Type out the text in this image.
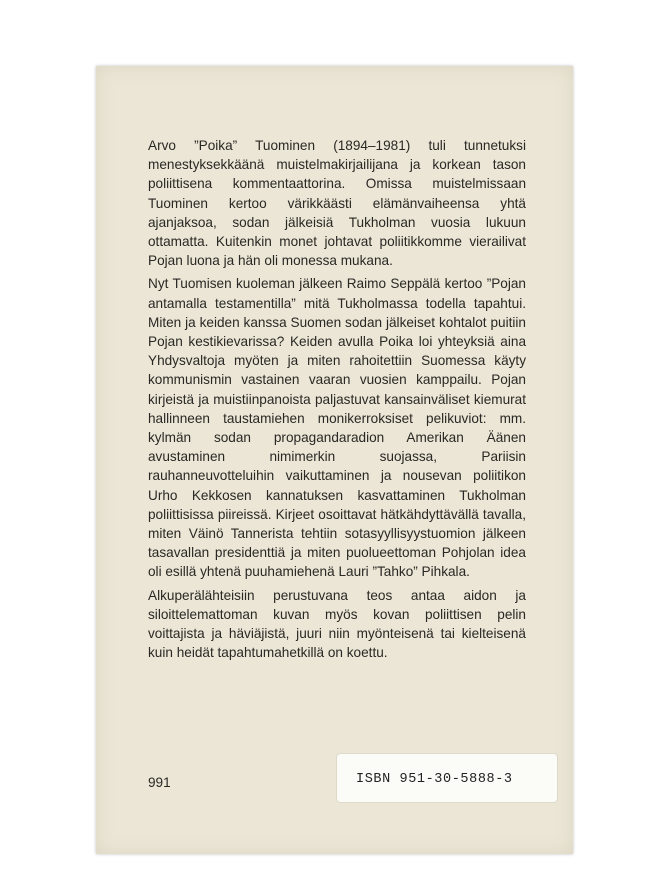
Arvo ”Poika” Tuominen (1894–1981) tuli tunnetuksi menestyksekkäänä muistelmakirjailijana ja korkean tason poliittisena kommentaattorina. Omissa muistelmissaan Tuominen kertoo värikkäästi elämänvaiheensa yhtä ajanjaksoa, sodan jälkeisiä Tukholman vuosia lukuun ottamatta. Kuitenkin monet johtavat poliitikkomme vierailivat Pojan luona ja hän oli monessa mukana.

Nyt Tuomisen kuoleman jälkeen Raimo Seppälä kertoo ”Pojan antamalla testamentilla” mitä Tukholmassa todella tapahtui. Miten ja keiden kanssa Suomen sodan jälkeiset kohtalot puitiin Pojan kestikievarissa? Keiden avulla Poika loi yhteyksiä aina Yhdysvaltoja myöten ja miten rahoitettiin Suomessa käyty kommunismin vastainen vaaran vuosien kamppailu. Pojan kirjeistä ja muistiinpanoista paljastuvat kansainväliset kiemurat hallinneen taustamiehen monikerroksiset pelikuviot: mm. kylmän sodan propagandaradion Amerikan Äänen avustaminen nimimerkin suojassa, Pariisin rauhanneuvotteluihin vaikuttaminen ja nousevan poliitikon Urho Kekkosen kannatuksen kasvattaminen Tukholman poliittisissa piireissä. Kirjeet osoittavat hätkähdyttävällä tavalla, miten Väinö Tannerista tehtiin sotasyyllisyystuomion jälkeen tasavallan presidenttiä ja miten puolueettoman Pohjolan idea oli esillä yhtenä puuhamiehenä Lauri ”Tahko” Pihkala.

Alkuperälähteisiin perustuvana teos antaa aidon ja siloittelemattoman kuvan myös kovan poliittisen pelin voittajista ja häviäjistä, juuri niin myönteisenä tai kielteisenä kuin heidät tapahtumahetkillä on koettu.

991	ISBN 951-30-5888-3
